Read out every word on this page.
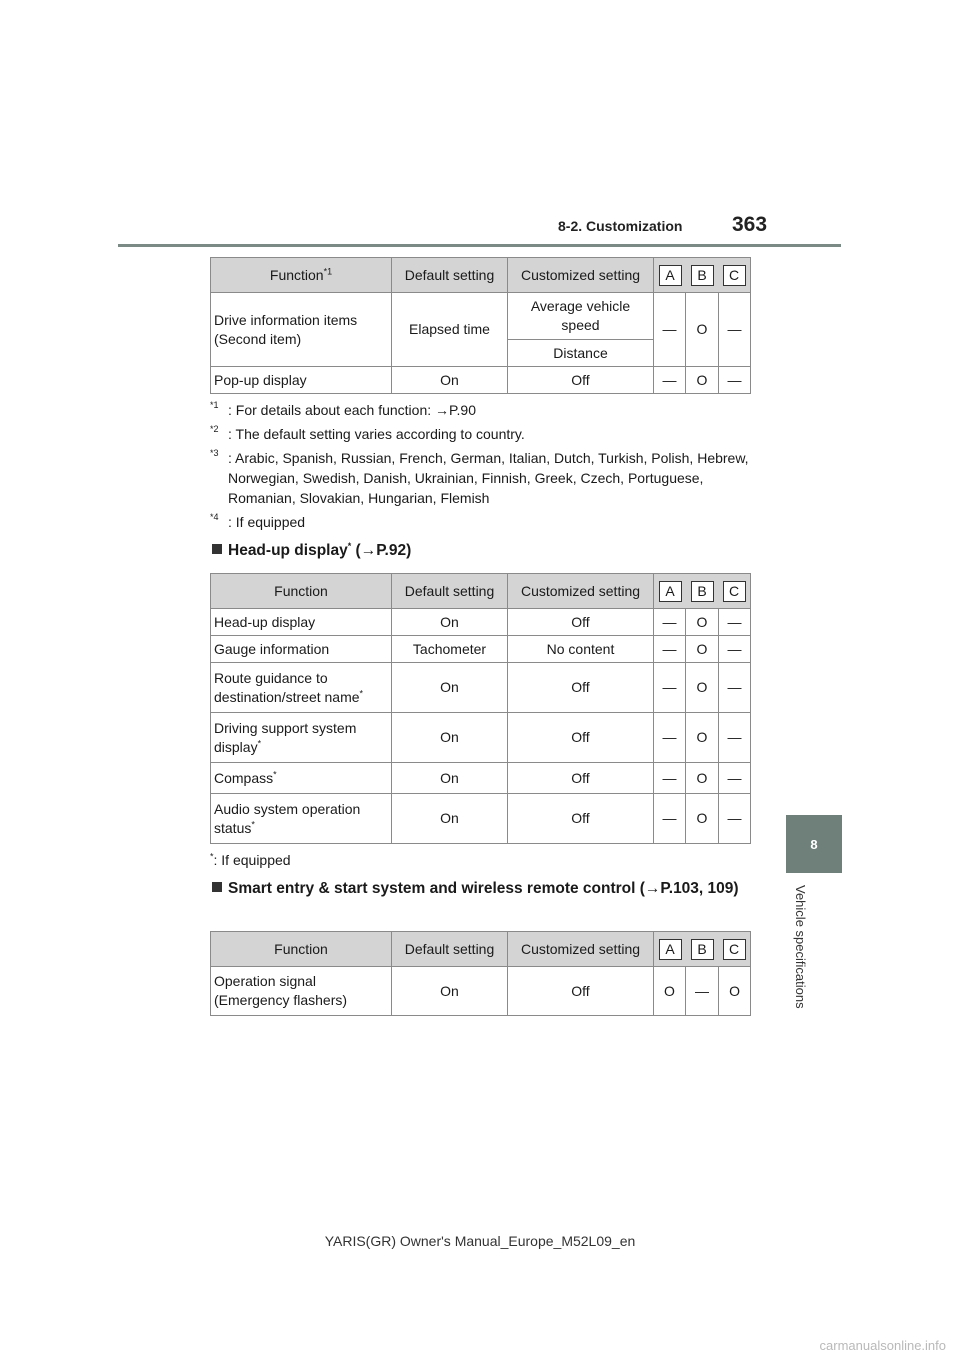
8-2. Customization 363
8
Vehicle specifications
Function$^{*1}$	Default setting	Customized setting	A B C		

Drive information items (Second item)	Elapsed time	Average vehicle speed	—	O	—
		Distance			
Pop-up display	On	Off	—	O	—
*1 : For details about each function: →P.90
*2 : The default setting varies according to country.
*3 : Arabic, Spanish, Russian, French, German, Italian, Dutch, Turkish, Polish, Hebrew, Norwegian, Swedish, Danish, Ukrainian, Finnish, Greek, Czech, Portuguese, Romanian, Slovakian, Hungarian, Flemish
*4 : If equipped
Head-up display* (→P.92)
Function	Default setting	Customized setting	A B C		

Head-up display	On	Off	—	O	—
Gauge information	Tachometer	No content	—	O	—
Route guidance to destination/street name*	On	Off	—	O	—
Driving support system display*	On	Off	—	O	—
Compass*	On	Off	—	O	—
Audio system operation status*	On	Off	—	O	—
*: If equipped
Smart entry & start system and wireless remote control (→P.103, 109)
Function	Default setting	Customized setting	A B C		

Operation signal (Emergency flashers)	On	Off	O	—	O
YARIS(GR) Owner's Manual_Europe_M52L09_en
carmanualsonline.info
